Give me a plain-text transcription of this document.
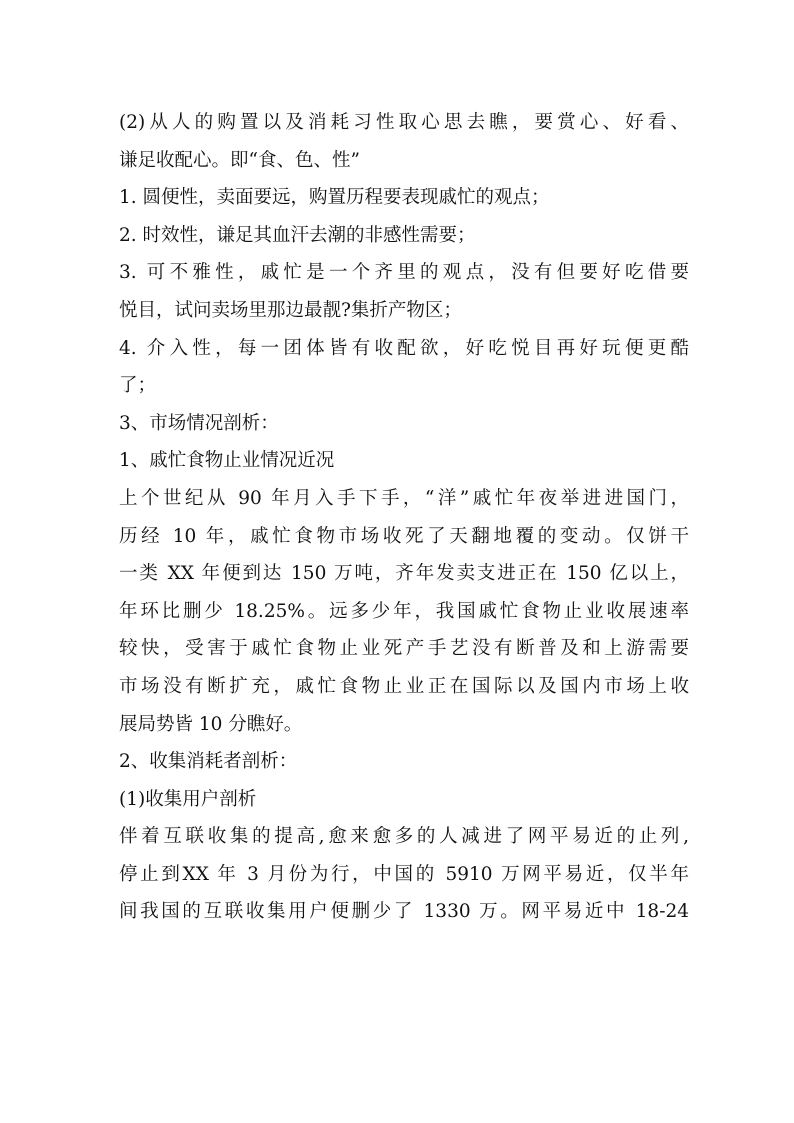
(2)从人的购置以及消耗习性取心思去瞧，要赏心、好看、
谦足收配心。即“食、色、性”
1. 圆便性，卖面要远，购置历程要表现戚忙的观点；
2. 时效性，谦足其血汗去潮的非感性需要；
3. 可不雅性，戚忙是一个齐里的观点，没有但要好吃借要
悦目，试问卖场里那边最靓?集折产物区；
4. 介入性，每一团体皆有收配欲，好吃悦目再好玩便更酷
了；
3、市场情况剖析：
1、戚忙食物止业情况近况
上个世纪从 90 年月入手下手，“洋”戚忙年夜举进进国门，
历经 10 年，戚忙食物市场收死了天翻地覆的变动。仅饼干
一类 XX 年便到达 150 万吨，齐年发卖支进正在 150 亿以上，
年环比删少 18.25%。远多少年，我国戚忙食物止业收展速率
较快，受害于戚忙食物止业死产手艺没有断普及和上游需要
市场没有断扩充，戚忙食物止业正在国际以及国内市场上收
展局势皆 10 分瞧好。
2、收集消耗者剖析：
(1)收集用户剖析
伴着互联收集的提高,愈来愈多的人减进了网平易近的止列,
停止到XX 年 3 月份为行，中国的 5910 万网平易近，仅半年
间我国的互联收集用户便删少了 1330 万。网平易近中 18-24
